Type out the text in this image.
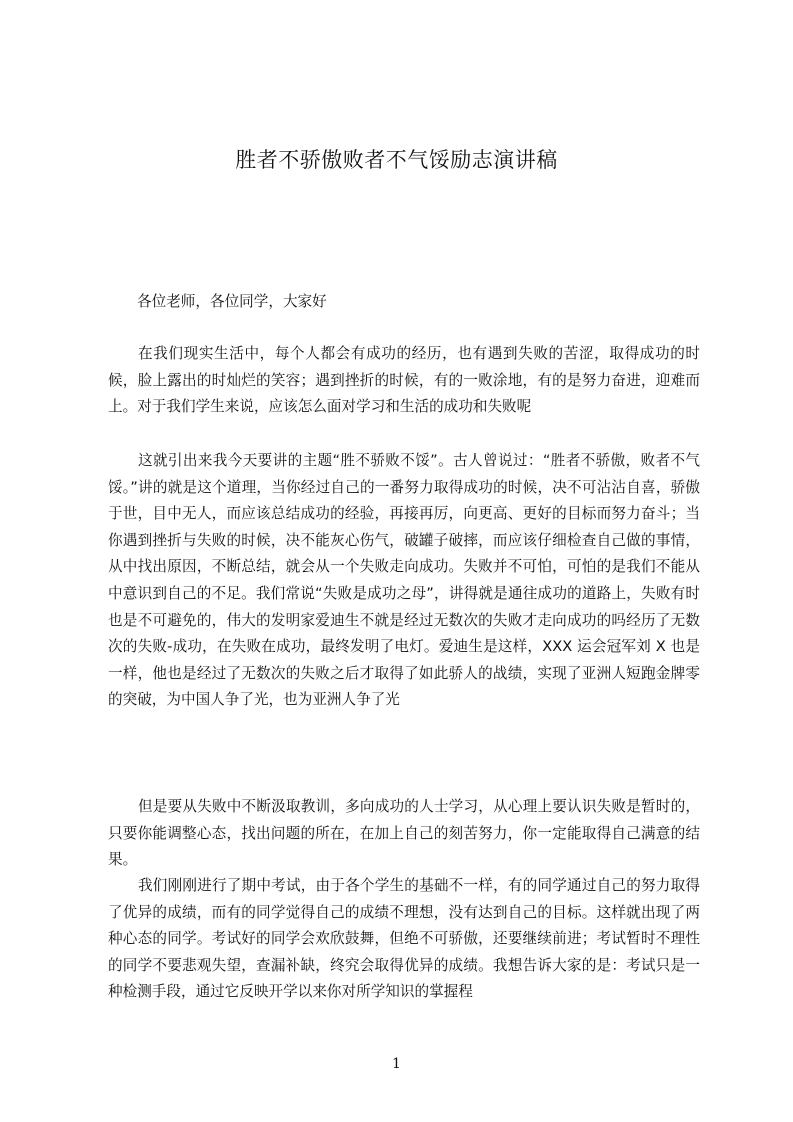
胜者不骄傲败者不气馁励志演讲稿

各位老师，各位同学，大家好

在我们现实生活中，每个人都会有成功的经历，也有遇到失败的苦涩，取得成功的时候，脸上露出的时灿烂的笑容；遇到挫折的时候，有的一败涂地，有的是努力奋进，迎难而上。对于我们学生来说，应该怎么面对学习和生活的成功和失败呢

这就引出来我今天要讲的主题“胜不骄败不馁”。古人曾说过：“胜者不骄傲，败者不气馁。”讲的就是这个道理，当你经过自己的一番努力取得成功的时候，决不可沾沾自喜，骄傲于世，目中无人，而应该总结成功的经验，再接再厉，向更高、更好的目标而努力奋斗；当你遇到挫折与失败的时候，决不能灰心伤气，破罐子破摔，而应该仔细检查自己做的事情，从中找出原因，不断总结，就会从一个失败走向成功。失败并不可怕，可怕的是我们不能从中意识到自己的不足。我们常说“失败是成功之母”，讲得就是通往成功的道路上，失败有时也是不可避免的，伟大的发明家爱迪生不就是经过无数次的失败才走向成功的吗经历了无数次的失败-成功，在失败在成功，最终发明了电灯。爱迪生是这样，XXX 运会冠军刘 X 也是一样，他也是经过了无数次的失败之后才取得了如此骄人的战绩，实现了亚洲人短跑金牌零的突破，为中国人争了光，也为亚洲人争了光

但是要从失败中不断汲取教训，多向成功的人士学习，从心理上要认识失败是暂时的，只要你能调整心态，找出问题的所在，在加上自己的刻苦努力，你一定能取得自己满意的结果。

我们刚刚进行了期中考试，由于各个学生的基础不一样，有的同学通过自己的努力取得了优异的成绩，而有的同学觉得自己的成绩不理想，没有达到自己的目标。这样就出现了两种心态的同学。考试好的同学会欢欣鼓舞，但绝不可骄傲，还要继续前进；考试暂时不理性的同学不要悲观失望，查漏补缺，终究会取得优异的成绩。我想告诉大家的是：考试只是一种检测手段，通过它反映开学以来你对所学知识的掌握程

1
